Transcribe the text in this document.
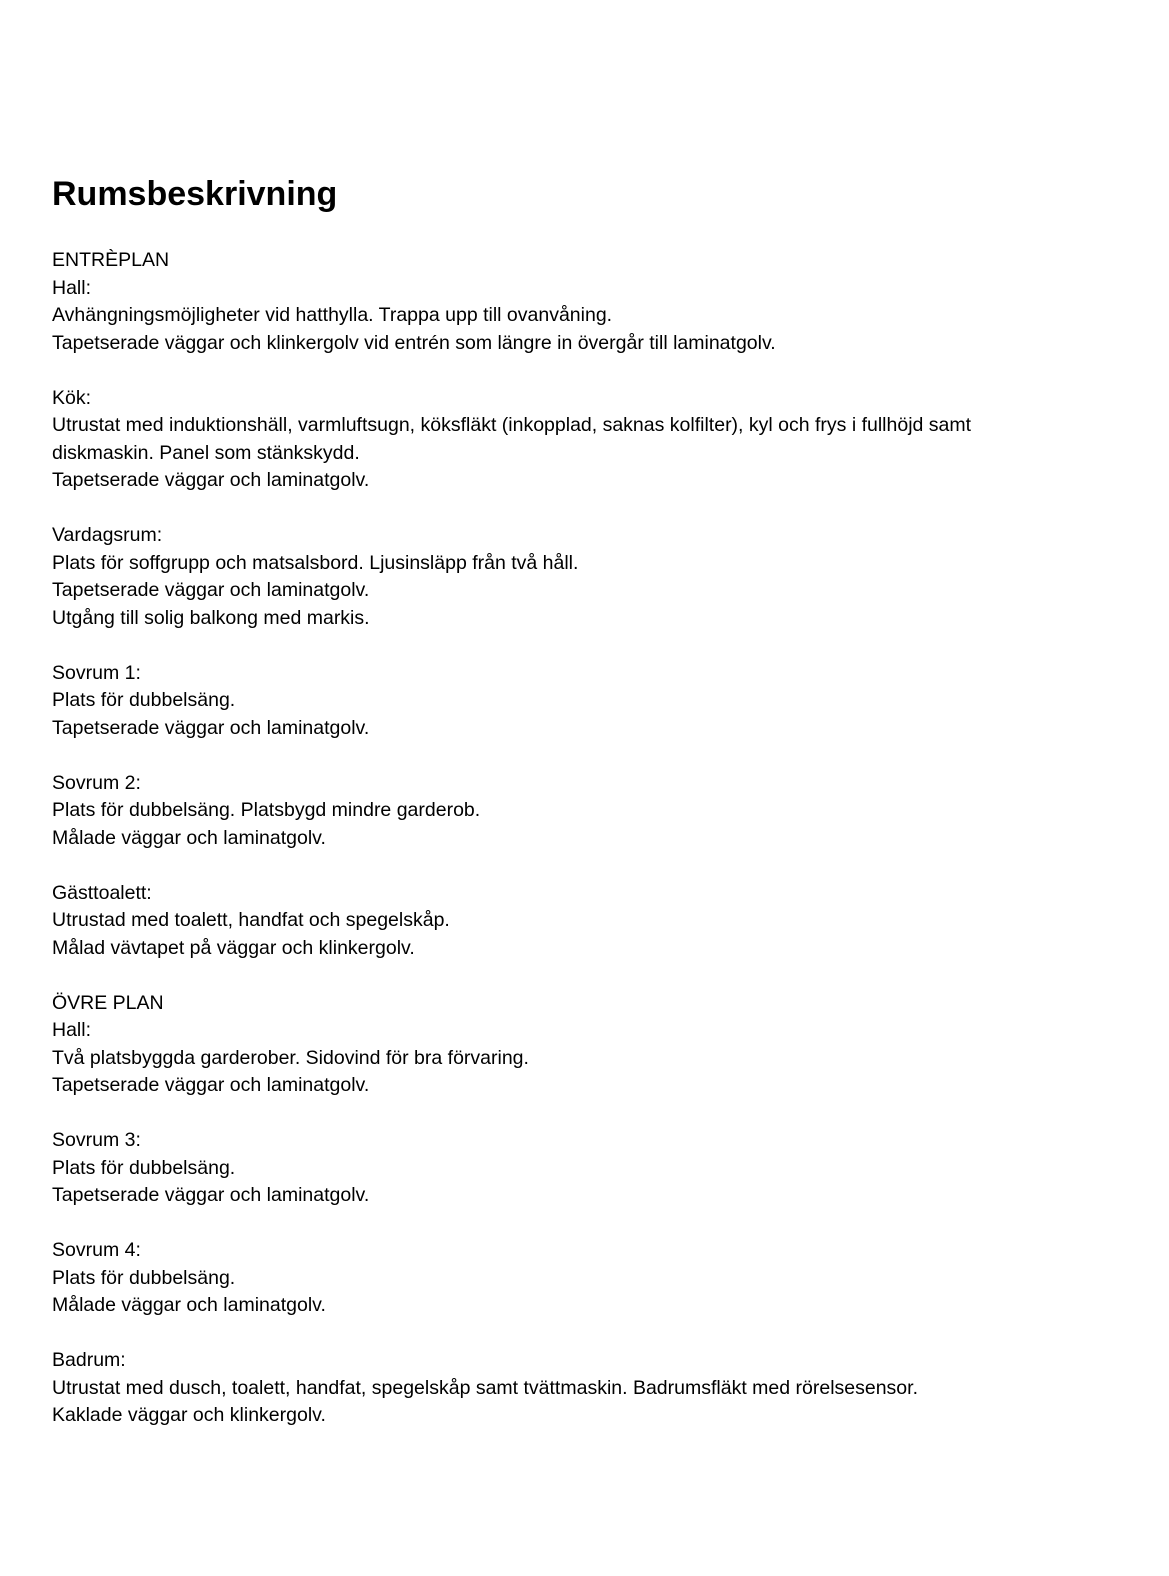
Rumsbeskrivning
ENTRÈPLAN
Hall:
Avhängningsmöjligheter vid hatthylla. Trappa upp till ovanvåning.
Tapetserade väggar och klinkergolv vid entrén som längre in övergår till laminatgolv.
Kök:
Utrustat med induktionshäll, varmluftsugn, köksfläkt (inkopplad, saknas kolfilter), kyl och frys i fullhöjd samt
diskmaskin. Panel som stänkskydd.
Tapetserade väggar och laminatgolv.
Vardagsrum:
Plats för soffgrupp och matsalsbord. Ljusinsläpp från två håll.
Tapetserade väggar och laminatgolv.
Utgång till solig balkong med markis.
Sovrum 1:
Plats för dubbelsäng.
Tapetserade väggar och laminatgolv.
Sovrum 2:
Plats för dubbelsäng. Platsbygd mindre garderob.
Målade väggar och laminatgolv.
Gästtoalett:
Utrustad med toalett, handfat och spegelskåp.
Målad vävtapet på väggar och klinkergolv.
ÖVRE PLAN
Hall:
Två platsbyggda garderober. Sidovind för bra förvaring.
Tapetserade väggar och laminatgolv.
Sovrum 3:
Plats för dubbelsäng.
Tapetserade väggar och laminatgolv.
Sovrum 4:
Plats för dubbelsäng.
Målade väggar och laminatgolv.
Badrum:
Utrustat med dusch, toalett, handfat, spegelskåp samt tvättmaskin. Badrumsfläkt med rörelsesensor.
Kaklade väggar och klinkergolv.
